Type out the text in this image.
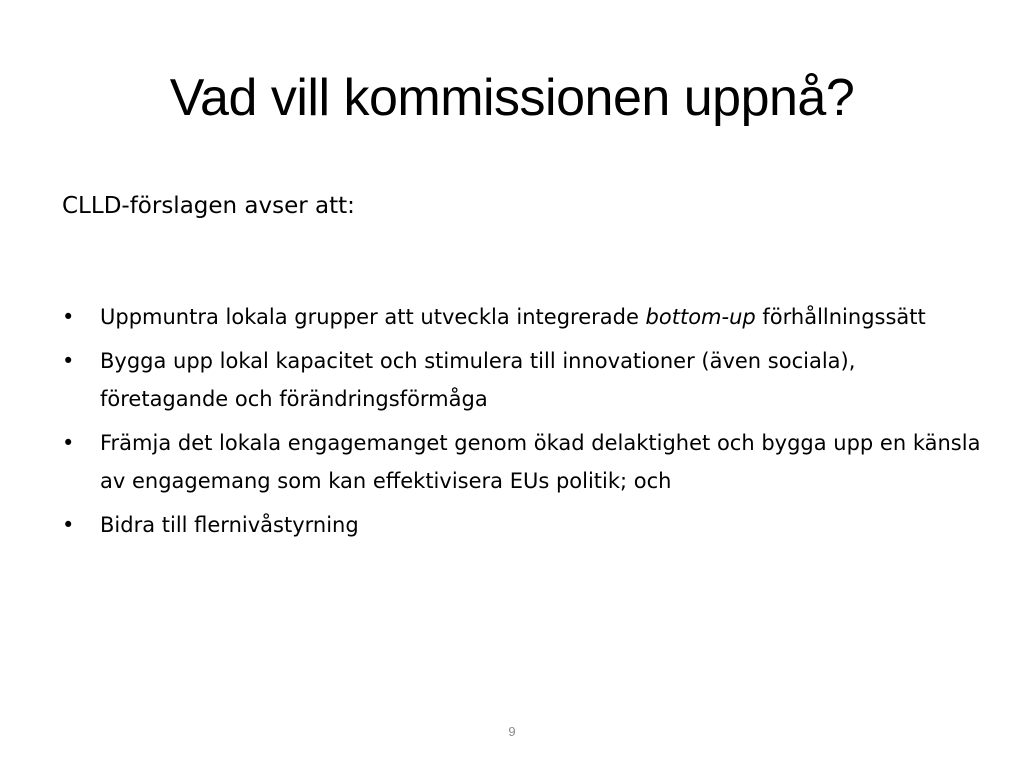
Vad vill kommissionen uppnå?
CLLD-förslagen avser att:
•	Uppmuntra lokala grupper att utveckla integrerade bottom-up förhållningssätt
•	Bygga upp lokal kapacitet och stimulera till innovationer (även sociala), företagande och förändringsförmåga
•	Främja det lokala engagemanget genom ökad delaktighet och bygga upp en känsla av engagemang som kan effektivisera EUs politik; och
•	Bidra till flernivåstyrning
9
